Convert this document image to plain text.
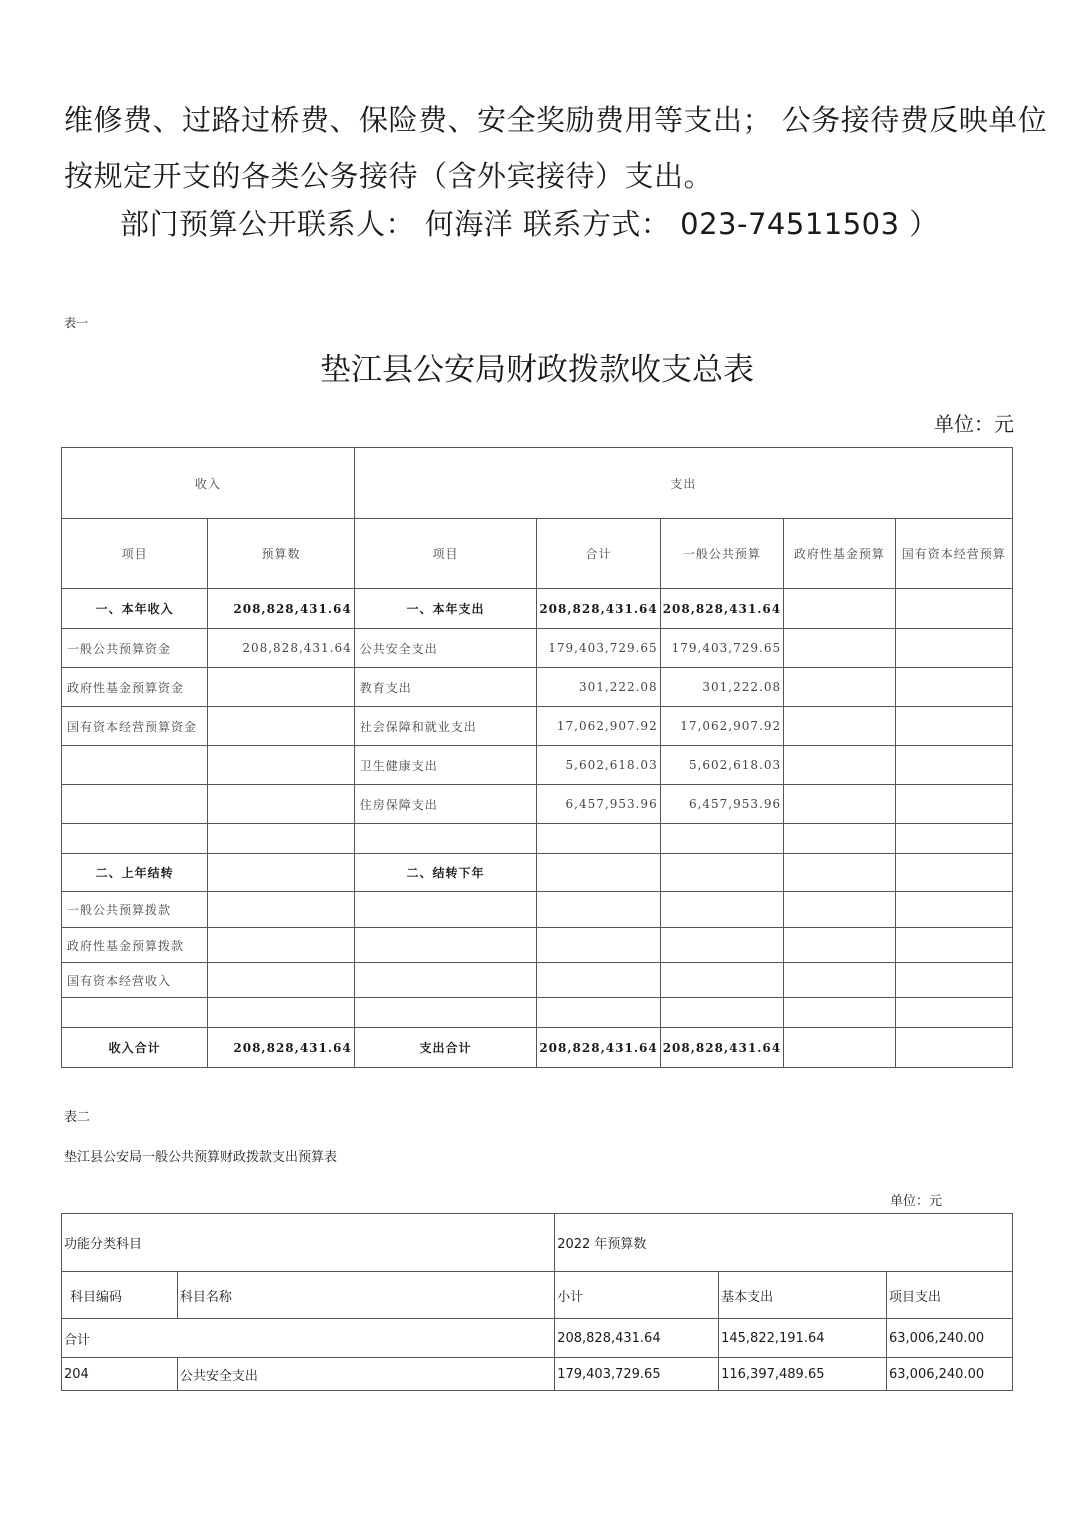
维修费、过路过桥费、保险费、安全奖励费用等支出； 公务接待费反映单位
按规定开支的各类公务接待（含外宾接待）支出。
部门预算公开联系人： 何海洋 联系方式： 023-74511503 ）
表一
垫江县公安局财政拨款收支总表
单位：元
收入		支出				
项目	预算数	项目	合计	一般公共预算	政府性基金预算	国有资本经营预算
一、本年收入	208,828,431.64	一、本年支出	208,828,431.64	208,828,431.64		
一般公共预算资金	208,828,431.64	公共安全支出	179,403,729.65	179,403,729.65		
政府性基金预算资金		教育支出	301,222.08	301,222.08		
国有资本经营预算资金		社会保障和就业支出	17,062,907.92	17,062,907.92		
		卫生健康支出	5,602,618.03	5,602,618.03		
		住房保障支出	6,457,953.96	6,457,953.96		

二、上年结转		二、结转下年				
一般公共预算拨款						
政府性基金预算拨款						
国有资本经营收入						

收入合计	208,828,431.64	支出合计	208,828,431.64	208,828,431.64		
表二
垫江县公安局一般公共预算财政拨款支出预算表
单位：元
功能分类科目		2022 年预算数		
科目编码	科目名称	小计	基本支出	项目支出
合计		208,828,431.64	145,822,191.64	63,006,240.00
204	公共安全支出	179,403,729.65	116,397,489.65	63,006,240.00
